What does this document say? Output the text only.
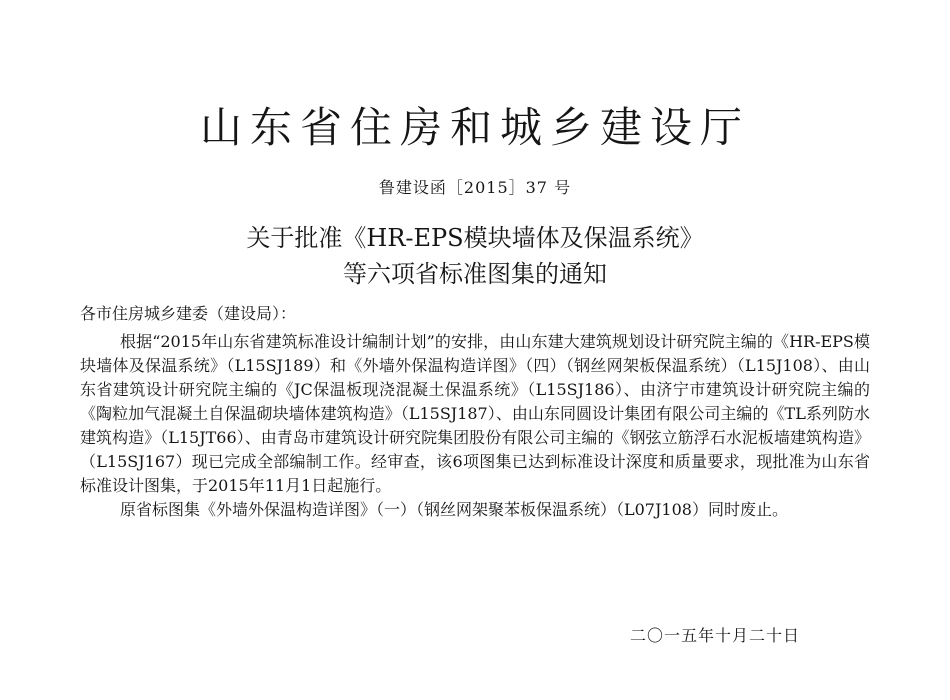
山东省住房和城乡建设厅
鲁建设函［2015］37 号
关于批准《HR-EPS模块墙体及保温系统》
等六项省标准图集的通知
各市住房城乡建委（建设局）：

根据“2015年山东省建筑标准设计编制计划”的安排，由山东建大建筑规划设计研究院主编的《HR-EPS模块墙体及保温系统》（L15SJ189）和《外墙外保温构造详图》（四）（钢丝网架板保温系统）（L15J108）、由山东省建筑设计研究院主编的《JC保温板现浇混凝土保温系统》（L15SJ186）、由济宁市建筑设计研究院主编的《陶粒加气混凝土自保温砌块墙体建筑构造》（L15SJ187）、由山东同圆设计集团有限公司主编的《TL系列防水建筑构造》（L15JT66）、由青岛市建筑设计研究院集团股份有限公司主编的《钢弦立筋浮石水泥板墙建筑构造》（L15SJ167）现已完成全部编制工作。经审查，该6项图集已达到标准设计深度和质量要求，现批准为山东省标准设计图集，于2015年11月1日起施行。

原省标图集《外墙外保温构造详图》（一）（钢丝网架聚苯板保温系统）（L07J108）同时废止。

二〇一五年十月二十日
